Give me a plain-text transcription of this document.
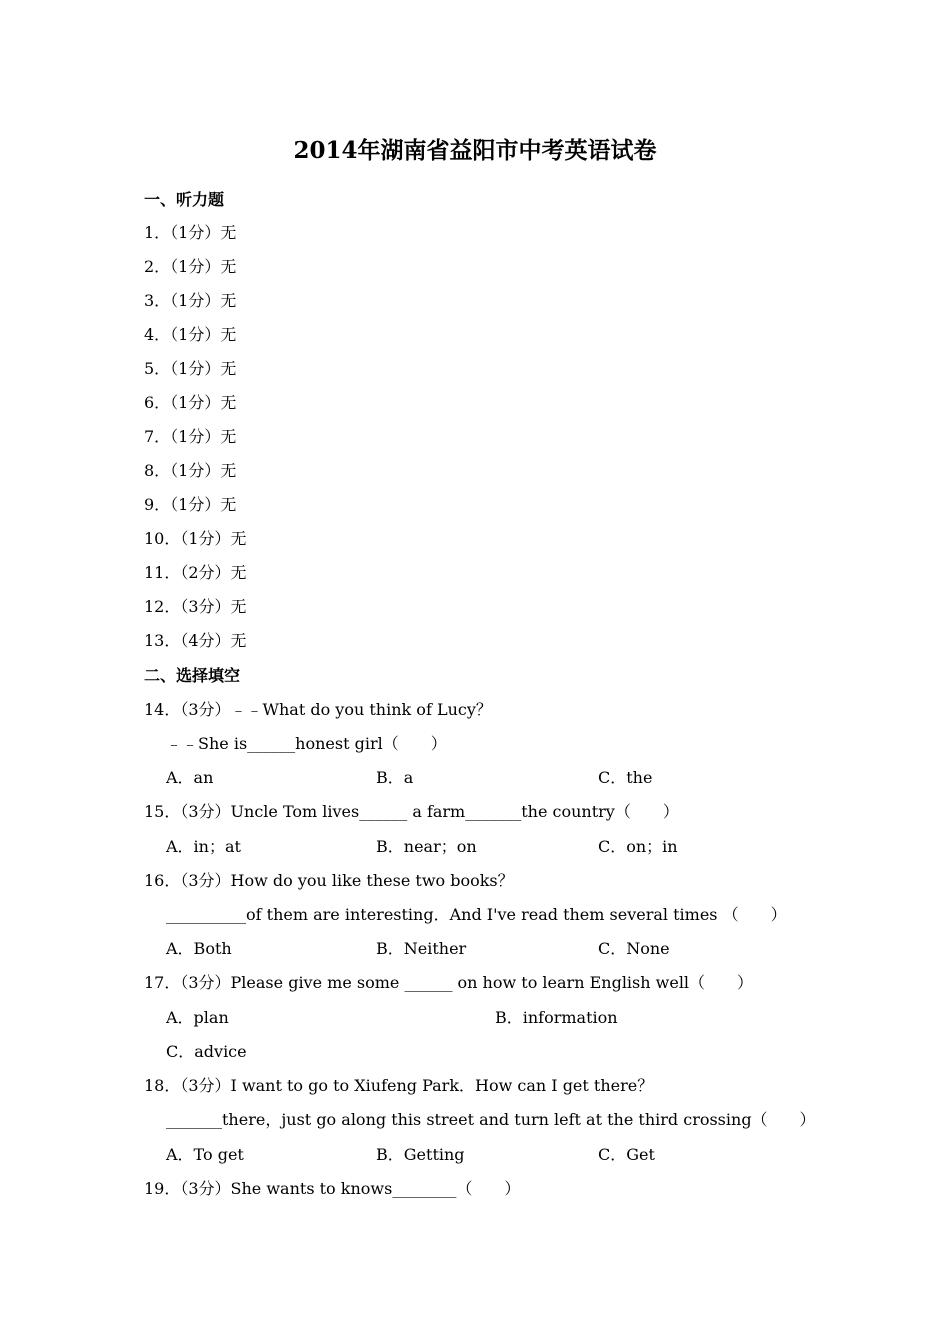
2014年湖南省益阳市中考英语试卷
一、听力题
1．（1分）无
2．（1分）无
3．（1分）无
4．（1分）无
5．（1分）无
6．（1分）无
7．（1分）无
8．（1分）无
9．（1分）无
10．（1分）无
11．（2分）无
12．（3分）无
13．（4分）无
二、选择填空
14．（3分）﹣﹣What do you think of Lucy？
﹣﹣She is______honest girl（　　）
A．an	B．a	C．the
15．（3分）Uncle Tom lives______ a farm_______the country（　　）
A．in；at	B．near；on	C．on；in
16．（3分）How do you like these two books？
__________of them are interesting．And I've read them several times （　　）
A．Both	B．Neither	C．None
17．（3分）Please give me some ______ on how to learn English well（　　）
A．plan	B．information
C．advice
18．（3分）I want to go to Xiufeng Park．How can I get there？
_______there，just go along this street and turn left at the third crossing（　　）
A．To get	B．Getting	C．Get
19．（3分）She wants to knows________（　　）
